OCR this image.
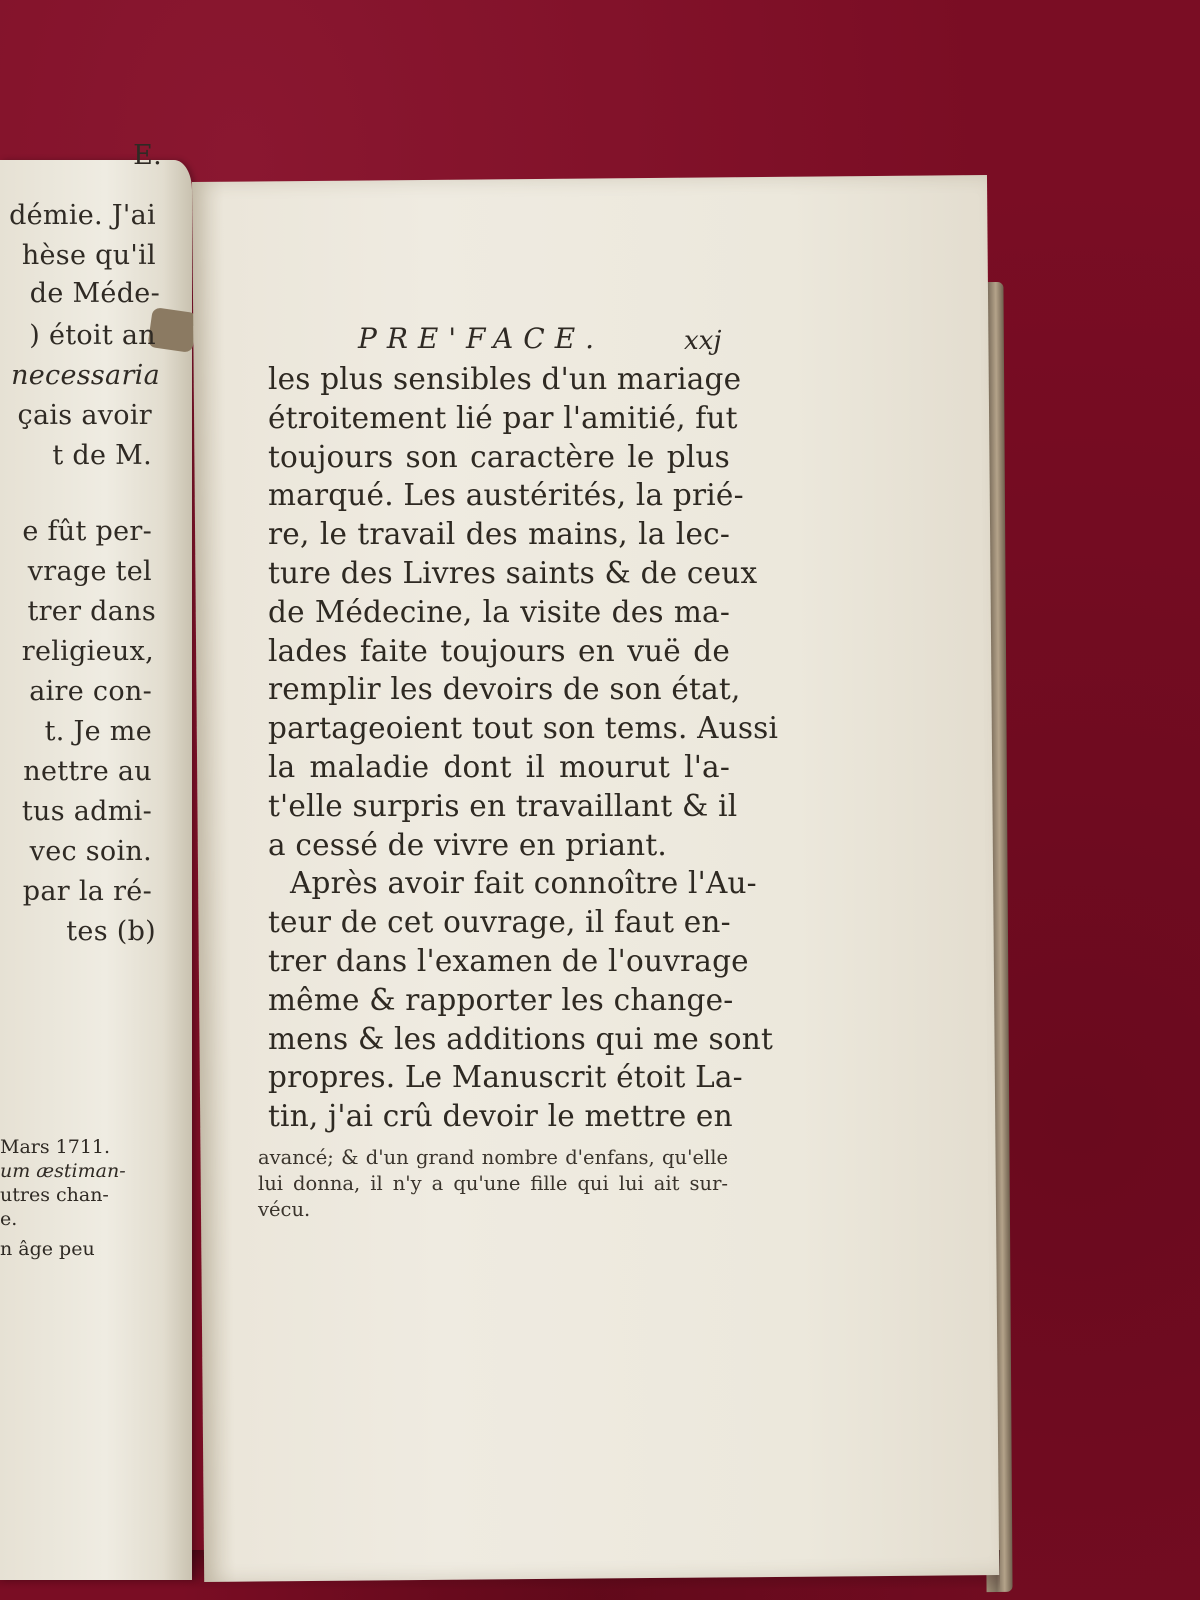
E.
démie. J'ai
hèse qu'il
de Méde-
) étoit an
necessaria
çais avoir
t de M.
e fût per-
vrage tel
trer dans
religieux,
aire con-
t. Je me
nettre au
tus admi-
vec soin.
par la ré-
tes (b)
Mars 1711.
um æstiman-
utres chan-
e.
n âge peu
PRE'FACE.	xxj
les plus sensibles d'un mariage
étroitement lié par l'amitié, fut
toujours son caractère le plus
marqué. Les austérités, la prié-
re, le travail des mains, la lec-
ture des Livres saints & de ceux
de Médecine, la visite des ma-
lades faite toujours en vuë de
remplir les devoirs de son état,
partageoient tout son tems. Aussi
la maladie dont il mourut l'a-
t'elle surpris en travaillant & il
a cessé de vivre en priant.
Après avoir fait connoître l'Au-
teur de cet ouvrage, il faut en-
trer dans l'examen de l'ouvrage
même & rapporter les change-
mens & les additions qui me sont
propres. Le Manuscrit étoit La-
tin, j'ai crû devoir le mettre en
avancé; & d'un grand nombre d'enfans, qu'elle
lui donna, il n'y a qu'une fille qui lui ait sur-
vécu.
